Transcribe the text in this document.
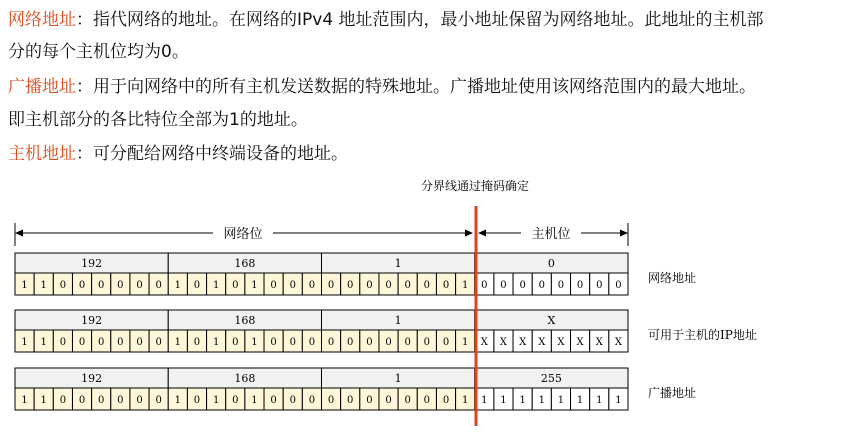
网络地址：指代网络的地址。在网络的IPv4 地址范围内，最小地址保留为网络地址。此地址的主机部
分的每个主机位均为0。
广播地址：用于向网络中的所有主机发送数据的特殊地址。广播地址使用该网络范围内的最大地址。
即主机部分的各比特位全部为1的地址。
主机地址：可分配给网络中终端设备的地址。
分界线通过掩码确定
网络位	主机位
192	168	1	0
1 1 0 0 0 0 0 0 1 0 1 0 1 0 0 0 0 0 0 0 0 0 0 1 0 0 0 0 0 0 0 0
网络地址
192	168	1	X
1 1 0 0 0 0 0 0 1 0 1 0 1 0 0 0 0 0 0 0 0 0 0 1 X X X X X X X X
可用于主机的IP地址
192	168	1	255
1 1 0 0 0 0 0 0 1 0 1 0 1 0 0 0 0 0 0 0 0 0 0 1 1 1 1 1 1 1 1 1
广播地址
